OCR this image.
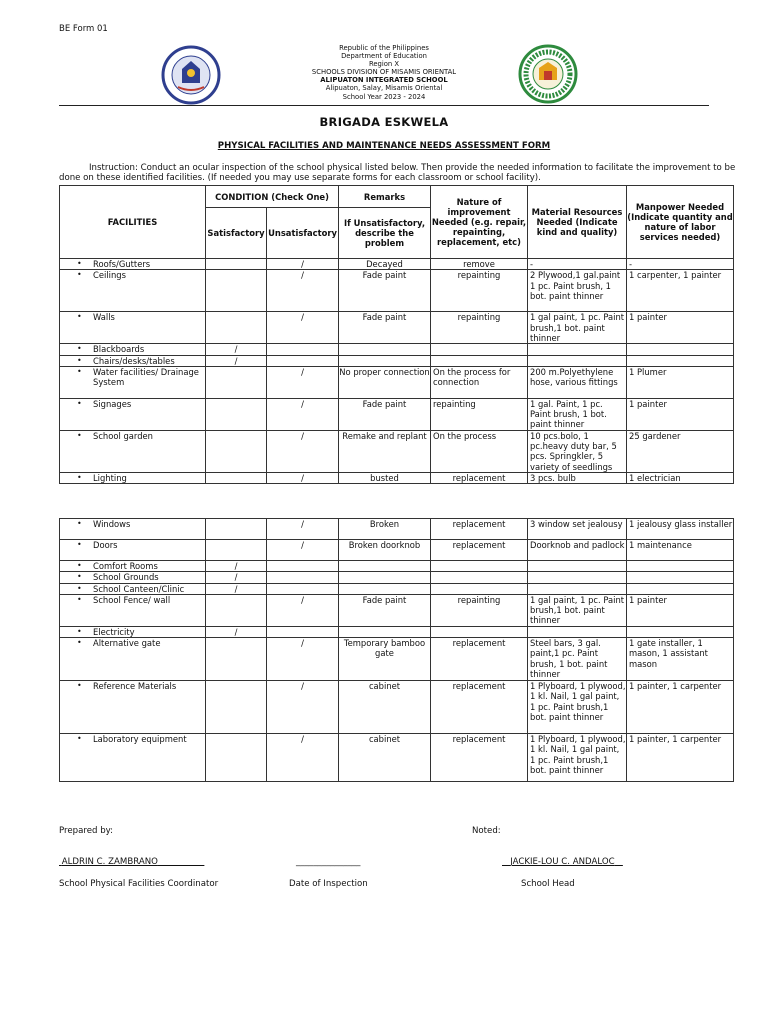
BE Form 01
Republic of the Philippines
Department of Education
Region X
SCHOOLS DIVISION OF MISAMIS ORIENTAL
ALIPUATON INTEGRATED SCHOOL
Alipuaton, Salay, Misamis Oriental
School Year 2023 - 2024
BRIGADA ESKWELA
PHYSICAL FACILITIES AND MAINTENANCE NEEDS ASSESSMENT FORM
Instruction: Conduct an ocular inspection of the school physical listed below. Then provide the needed information to facilitate the improvement to be done on these identified facilities. (If needed you may use separate forms for each classroom or school facility).
FACILITIES	CONDITION (Check One)		Remarks	Nature of improvement Needed (e.g. repair, repainting, replacement, etc)	Material Resources Needed (Indicate kind and quality)	Manpower Needed (Indicate quantity and nature of labor services needed)
	Satisfactory	Unsatisfactory	If Unsatisfactory, describe the problem			

• Roofs/Gutters		/	Decayed	remove	-	-

• Ceilings		/	Fade paint	repainting	2 Plywood,1 gal.paint
1 pc. Paint brush, 1 bot. paint thinner	1 carpenter, 1 painter

• Walls		/	Fade paint	repainting	1 gal paint, 1 pc. Paint brush,1 bot. paint thinner	1 painter

• Blackboards	/					

• Chairs/desks/tables	/					

• Water facilities/ Drainage System		/	No proper connection	On the process for connection	200 m.Polyethylene hose, various fittings	1 Plumer

• Signages		/	Fade paint	repainting	1 gal. Paint, 1 pc. Paint brush, 1 bot. paint thinner	1 painter

• School garden		/	Remake and replant	On the process	10 pcs.bolo, 1 pc.heavy duty bar, 5 pcs. Springkler, 5 variety of seedlings	25 gardener

• Lighting		/	busted	replacement	3 pcs. bulb	1 electrician
• Windows		/	Broken	replacement	3 window set jealousy	1 jealousy glass installer

• Doors		/	Broken doorknob	replacement	Doorknob and padlock	1 maintenance

• Comfort Rooms	/					

• School Grounds	/					

• School Canteen/Clinic	/					

• School Fence/ wall		/	Fade paint	repainting	1 gal paint, 1 pc. Paint brush,1 bot. paint thinner	1 painter

• Electricity	/					

• Alternative gate		/	Temporary bamboo gate	replacement	Steel bars, 3 gal. paint,1 pc. Paint brush, 1 bot. paint thinner	1 gate installer, 1 mason, 1 assistant mason

• Reference Materials		/	cabinet	replacement	1 Plyboard, 1 plywood, 1 kl. Nail, 1 gal paint, 1 pc. Paint brush,1 bot. paint thinner	1 painter, 1 carpenter

• Laboratory equipment		/	cabinet	replacement	1 Plyboard, 1 plywood, 1 kl. Nail, 1 gal paint, 1 pc. Paint brush,1 bot. paint thinner	1 painter, 1 carpenter
Prepared by:	Noted:
ALDRIN C. ZAMBRANO	_______________	JACKIE-LOU C. ANDALOC
School Physical Facilities Coordinator	Date of Inspection	School Head
